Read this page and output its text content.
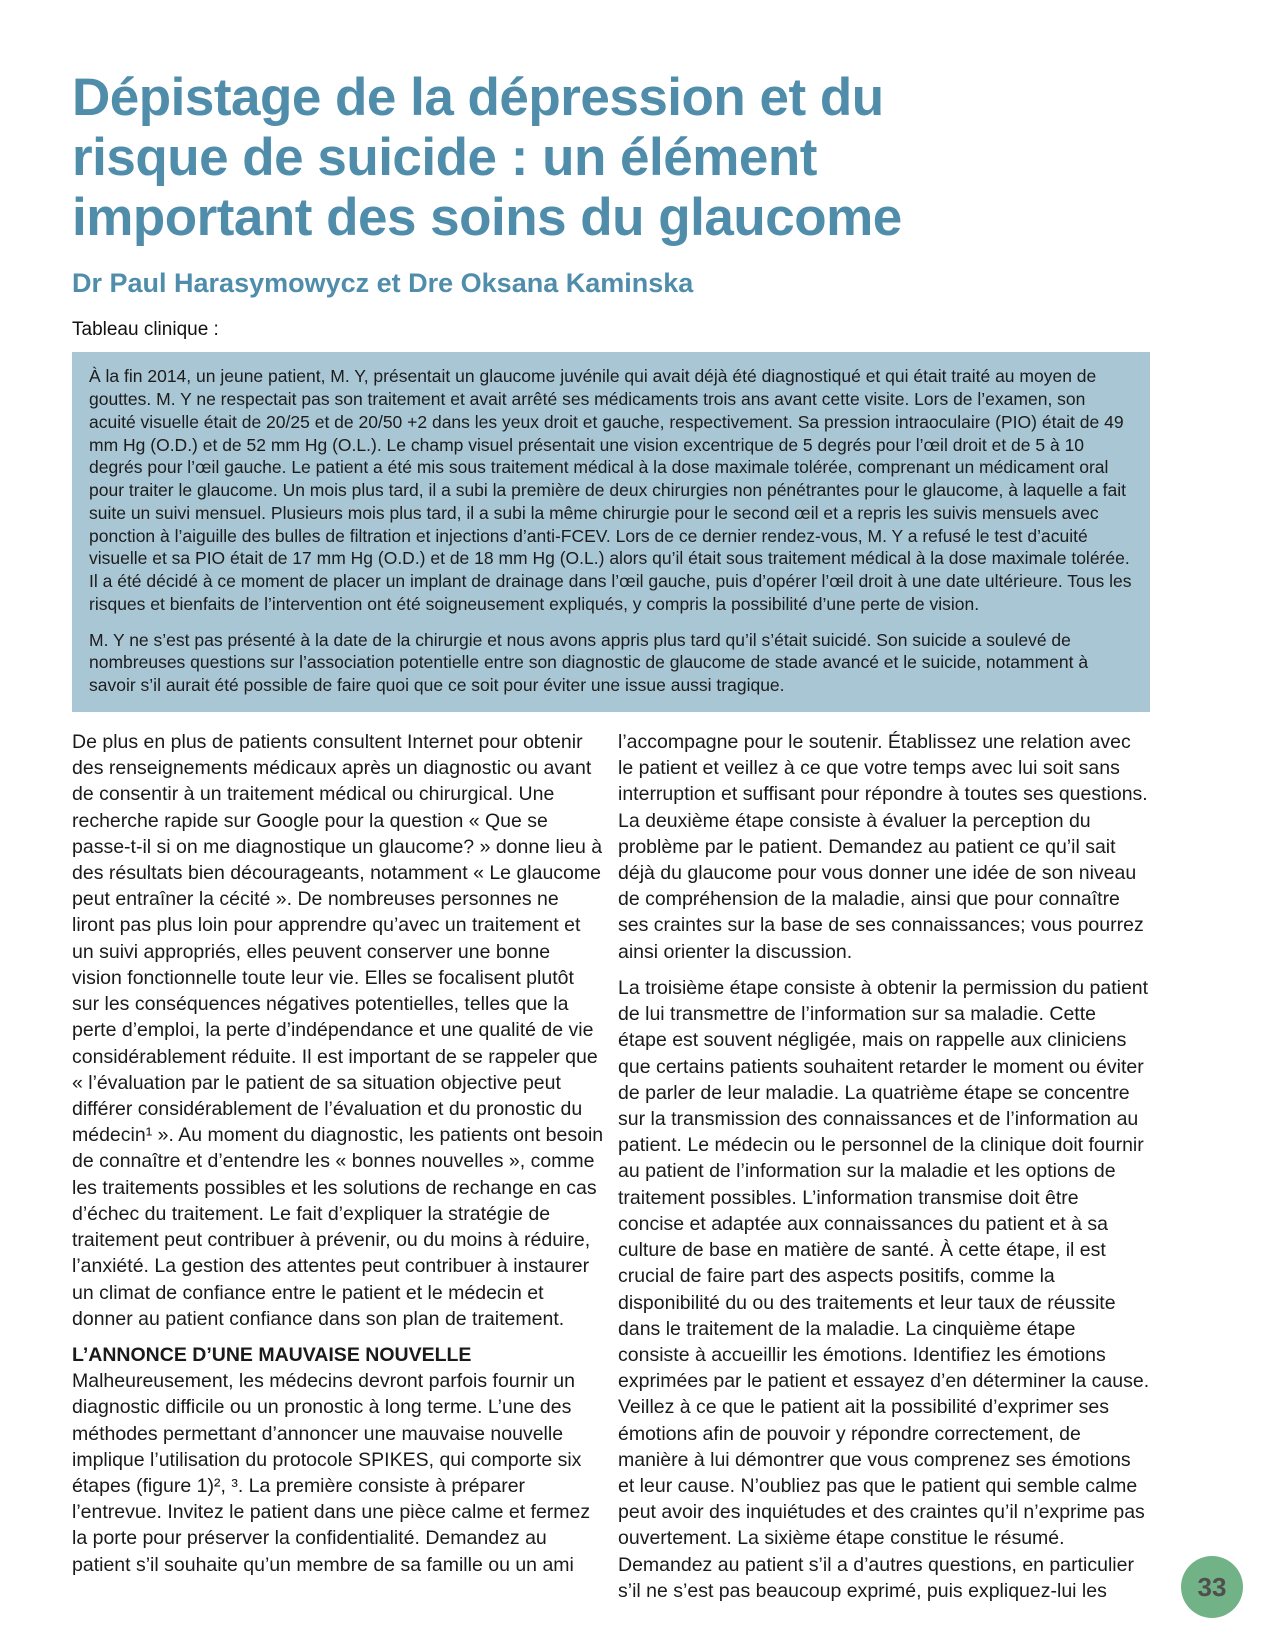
Dépistage de la dépression et du
risque de suicide : un élément
important des soins du glaucome
Dr Paul Harasymowycz et Dre Oksana Kaminska
Tableau clinique :

À la fin 2014, un jeune patient, M. Y, présentait un glaucome juvénile qui avait déjà été diagnostiqué et qui était traité au moyen de gouttes. M. Y ne respectait pas son traitement et avait arrêté ses médicaments trois ans avant cette visite. Lors de l’examen, son acuité visuelle était de 20/25 et de 20/50 +2 dans les yeux droit et gauche, respectivement. Sa pression intraoculaire (PIO) était de 49 mm Hg (O.D.) et de 52 mm Hg (O.L.). Le champ visuel présentait une vision excentrique de 5 degrés pour l’œil droit et de 5 à 10 degrés pour l’œil gauche. Le patient a été mis sous traitement médical à la dose maximale tolérée, comprenant un médicament oral pour traiter le glaucome. Un mois plus tard, il a subi la première de deux chirurgies non pénétrantes pour le glaucome, à laquelle a fait suite un suivi mensuel. Plusieurs mois plus tard, il a subi la même chirurgie pour le second œil et a repris les suivis mensuels avec ponction à l’aiguille des bulles de filtration et injections d’anti-FCEV. Lors de ce dernier rendez-vous, M. Y a refusé le test d’acuité visuelle et sa PIO était de 17 mm Hg (O.D.) et de 18 mm Hg (O.L.) alors qu’il était sous traitement médical à la dose maximale tolérée. Il a été décidé à ce moment de placer un implant de drainage dans l’œil gauche, puis d’opérer l’œil droit à une date ultérieure. Tous les risques et bienfaits de l’intervention ont été soigneusement expliqués, y compris la possibilité d’une perte de vision.

M. Y ne s’est pas présenté à la date de la chirurgie et nous avons appris plus tard qu’il s’était suicidé. Son suicide a soulevé de nombreuses questions sur l’association potentielle entre son diagnostic de glaucome de stade avancé et le suicide, notamment à savoir s’il aurait été possible de faire quoi que ce soit pour éviter une issue aussi tragique.

De plus en plus de patients consultent Internet pour obtenir des renseignements médicaux après un diagnostic ou avant de consentir à un traitement médical ou chirurgical. Une recherche rapide sur Google pour la question « Que se passe-t-il si on me diagnostique un glaucome? » donne lieu à des résultats bien décourageants, notamment « Le glaucome peut entraîner la cécité ». De nombreuses personnes ne liront pas plus loin pour apprendre qu’avec un traitement et un suivi appropriés, elles peuvent conserver une bonne vision fonctionnelle toute leur vie. Elles se focalisent plutôt sur les conséquences négatives potentielles, telles que la perte d’emploi, la perte d’indépendance et une qualité de vie considérablement réduite. Il est important de se rappeler que « l’évaluation par le patient de sa situation objective peut différer considérablement de l’évaluation et du pronostic du médecin¹ ». Au moment du diagnostic, les patients ont besoin de connaître et d’entendre les « bonnes nouvelles », comme les traitements possibles et les solutions de rechange en cas d’échec du traitement. Le fait d’expliquer la stratégie de traitement peut contribuer à prévenir, ou du moins à réduire, l’anxiété. La gestion des attentes peut contribuer à instaurer un climat de confiance entre le patient et le médecin et donner au patient confiance dans son plan de traitement.

L’ANNONCE D’UNE MAUVAISE NOUVELLE

Malheureusement, les médecins devront parfois fournir un diagnostic difficile ou un pronostic à long terme. L’une des méthodes permettant d’annoncer une mauvaise nouvelle implique l’utilisation du protocole SPIKES, qui comporte six étapes (figure 1)², ³. La première consiste à préparer l’entrevue. Invitez le patient dans une pièce calme et fermez la porte pour préserver la confidentialité. Demandez au patient s’il souhaite qu’un membre de sa famille ou un ami

l’accompagne pour le soutenir. Établissez une relation avec le patient et veillez à ce que votre temps avec lui soit sans interruption et suffisant pour répondre à toutes ses questions. La deuxième étape consiste à évaluer la perception du problème par le patient. Demandez au patient ce qu’il sait déjà du glaucome pour vous donner une idée de son niveau de compréhension de la maladie, ainsi que pour connaître ses craintes sur la base de ses connaissances; vous pourrez ainsi orienter la discussion.

La troisième étape consiste à obtenir la permission du patient de lui transmettre de l’information sur sa maladie. Cette étape est souvent négligée, mais on rappelle aux cliniciens que certains patients souhaitent retarder le moment ou éviter de parler de leur maladie. La quatrième étape se concentre sur la transmission des connaissances et de l’information au patient. Le médecin ou le personnel de la clinique doit fournir au patient de l’information sur la maladie et les options de traitement possibles. L’information transmise doit être concise et adaptée aux connaissances du patient et à sa culture de base en matière de santé. À cette étape, il est crucial de faire part des aspects positifs, comme la disponibilité du ou des traitements et leur taux de réussite dans le traitement de la maladie. La cinquième étape consiste à accueillir les émotions. Identifiez les émotions exprimées par le patient et essayez d’en déterminer la cause. Veillez à ce que le patient ait la possibilité d’exprimer ses émotions afin de pouvoir y répondre correctement, de manière à lui démontrer que vous comprenez ses émotions et leur cause. N’oubliez pas que le patient qui semble calme peut avoir des inquiétudes et des craintes qu’il n’exprime pas ouvertement. La sixième étape constitue le résumé. Demandez au patient s’il a d’autres questions, en particulier s’il ne s’est pas beaucoup exprimé, puis expliquez-lui les	33
